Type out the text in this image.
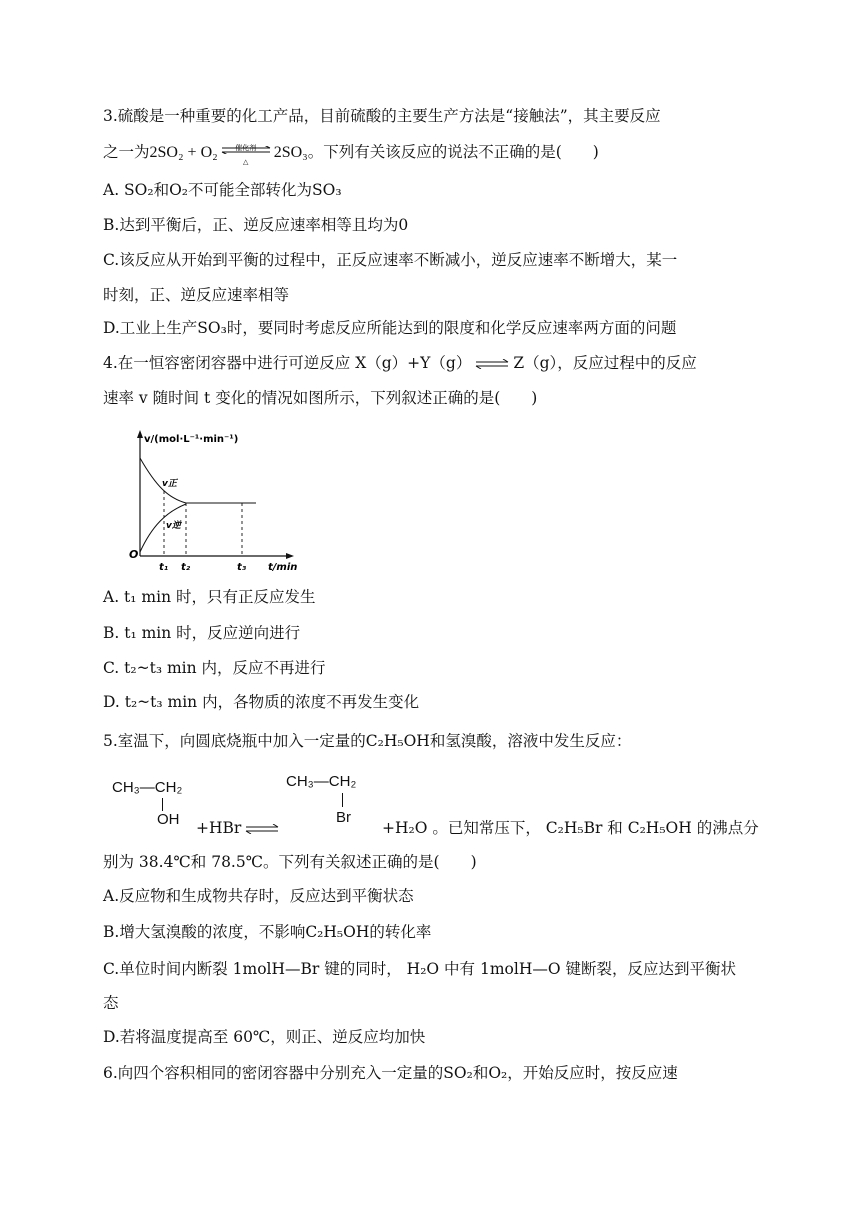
3.硫酸是一种重要的化工产品，目前硫酸的主要生产方法是“接触法”，其主要反应
之一为2SO₂ + O₂	催化剂
△
2SO₃。下列有关该反应的说法不正确的是(　　)
A. SO₂和O₂不可能全部转化为SO₃
B.达到平衡后，正、逆反应速率相等且均为0
C.该反应从开始到平衡的过程中，正反应速率不断减小，逆反应速率不断增大，某一
时刻，正、逆反应速率相等
D.工业上生产SO₃时，要同时考虑反应所能达到的限度和化学反应速率两方面的问题
4.在一恒容密闭容器中进行可逆反应 X（g）+Y（g） ⇌ Z（g），反应过程中的反应
速率 v 随时间 t 变化的情况如图所示，下列叙述正确的是(　　)
v/(mol·L⁻¹·min⁻¹)
t/min
O
v正
v逆
t₁ t₂	t₃
A. t₁ min 时，只有正反应发生
B. t₁ min 时，反应逆向进行
C. t₂~t₃ min 内，反应不再进行
D. t₂~t₃ min 内，各物质的浓度不再发生变化
5.室温下，向圆底烧瓶中加入一定量的C₂H₅OH和氢溴酸，溶液中发生反应：
CH₃—CH₂
OH +HBr ⇌
CH₃—CH₂
Br
+H₂O 。已知常压下， C₂H₅Br 和 C₂H₅OH 的沸点分
别为 38.4℃和 78.5℃。下列有关叙述正确的是(　　)
A.反应物和生成物共存时，反应达到平衡状态
B.增大氢溴酸的浓度，不影响C₂H₅OH的转化率
C.单位时间内断裂 1molH—Br 键的同时， H₂O 中有 1molH—O 键断裂，反应达到平衡状
态
D.若将温度提高至 60℃，则正、逆反应均加快
6.向四个容积相同的密闭容器中分别充入一定量的SO₂和O₂，开始反应时，按反应速
